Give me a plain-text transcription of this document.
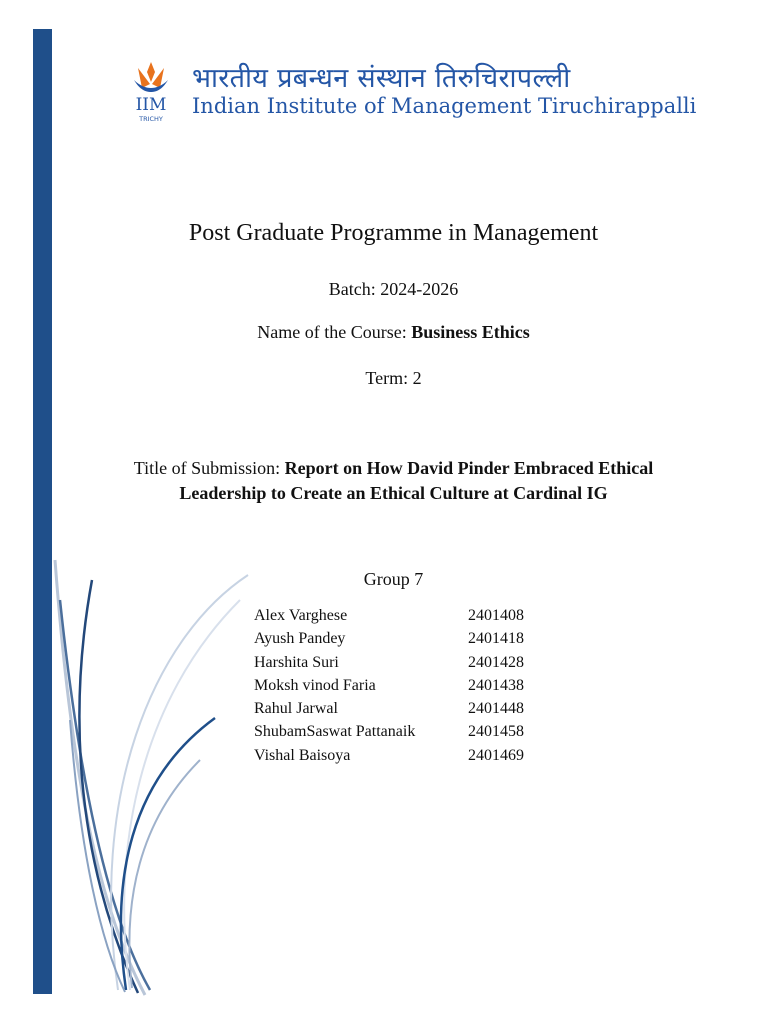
IIM
TRICHY
भारतीय प्रबन्धन संस्थान तिरुचिरापल्ली
Indian Institute of Management Tiruchirappalli
Post Graduate Programme in Management
Batch: 2024-2026
Name of the Course: Business Ethics
Term: 2
Title of Submission: Report on How David Pinder Embraced Ethical
Leadership to Create an Ethical Culture at Cardinal IG
Group 7
Alex Varghese	2401408
Ayush Pandey	2401418
Harshita Suri	2401428
Moksh vinod Faria	2401438
Rahul Jarwal	2401448
ShubamSaswat Pattanaik	2401458
Vishal Baisoya	2401469
